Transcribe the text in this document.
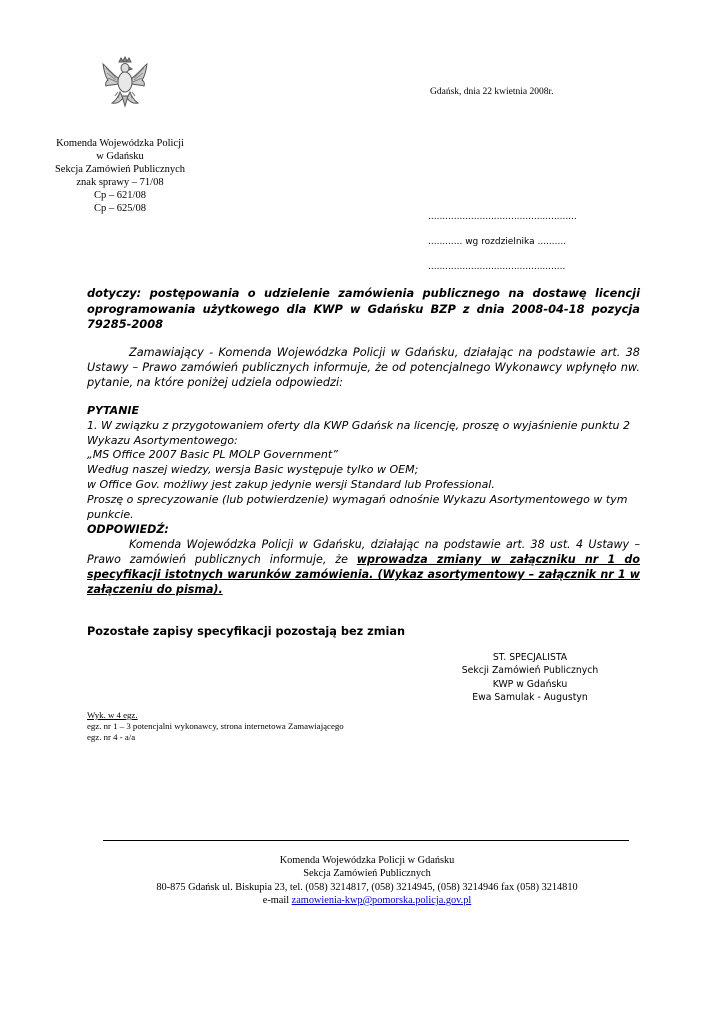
Gdańsk, dnia 22 kwietnia 2008r.
Komenda Wojewódzka Policji
w Gdańsku
Sekcja Zamówień Publicznych
znak sprawy – 71/08
Cp – 621/08
Cp – 625/08
....................................................
............ wg rozdzielnika ..........
................................................
dotyczy: postępowania o udzielenie zamówienia publicznego na dostawę licencji oprogramowania użytkowego dla KWP w Gdańsku BZP z dnia 2008-04-18 pozycja 79285-2008
Zamawiający - Komenda Wojewódzka Policji w Gdańsku, działając na podstawie art. 38 Ustawy – Prawo zamówień publicznych informuje, że od potencjalnego Wykonawcy wpłynęło nw. pytanie, na które poniżej udziela odpowiedzi:
PYTANIE
1. W związku z przygotowaniem oferty dla KWP Gdańsk na licencję, proszę o wyjaśnienie punktu 2
Wykazu Asortymentowego:
„MS Office 2007 Basic PL MOLP Government”
Według naszej wiedzy, wersja Basic występuje tylko w OEM;
w Office Gov. możliwy jest zakup jedynie wersji Standard lub Professional.
Proszę o sprecyzowanie (lub potwierdzenie) wymagań odnośnie Wykazu Asortymentowego w tym
punkcie.
ODPOWIEDŹ:
Komenda Wojewódzka Policji w Gdańsku, działając na podstawie art. 38 ust. 4 Ustawy – Prawo zamówień publicznych informuje, że wprowadza zmiany w załączniku nr 1 do specyfikacji istotnych warunków zamówienia. (Wykaz asortymentowy – załącznik nr 1 w załączeniu do pisma).
Pozostałe zapisy specyfikacji pozostają bez zmian
ST. SPECJALISTA
Sekcji Zamówień Publicznych
KWP w Gdańsku
Ewa Samulak - Augustyn
Wyk. w 4 egz.
egz. nr 1 – 3 potencjalni wykonawcy, strona internetowa Zamawiającego
egz. nr 4 - a/a
Komenda Wojewódzka Policji w Gdańsku
Sekcja Zamówień Publicznych
80-875 Gdańsk ul. Biskupia 23, tel. (058) 3214817, (058) 3214945, (058) 3214946 fax (058) 3214810
e-mail zamowienia-kwp@pomorska.policja.gov.pl
